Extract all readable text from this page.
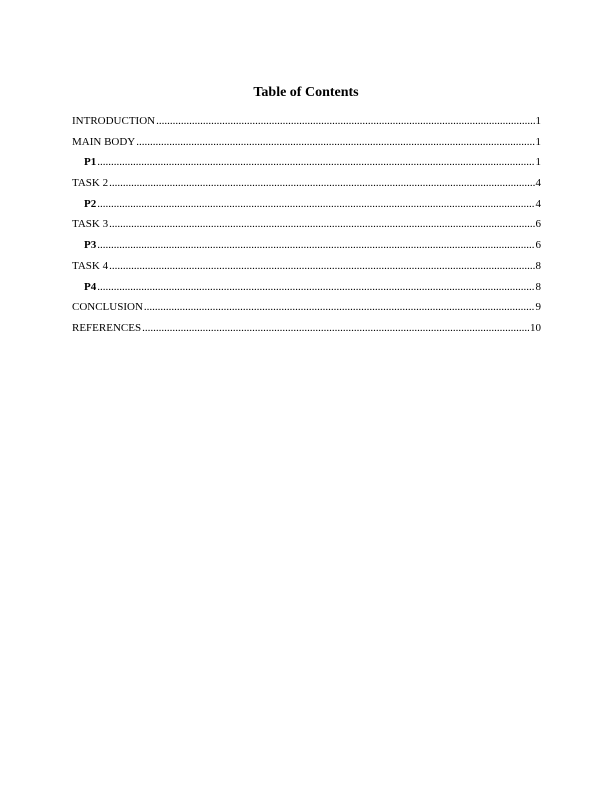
Table of Contents
INTRODUCTION .....	1
MAIN BODY .....	1
P1 .....	1
TASK 2 .....	4
P2 .....	4
TASK 3 .....	6
P3 .....	6
TASK 4 .....	8
P4 .....	8
CONCLUSION .....	9
REFERENCES .....	10
